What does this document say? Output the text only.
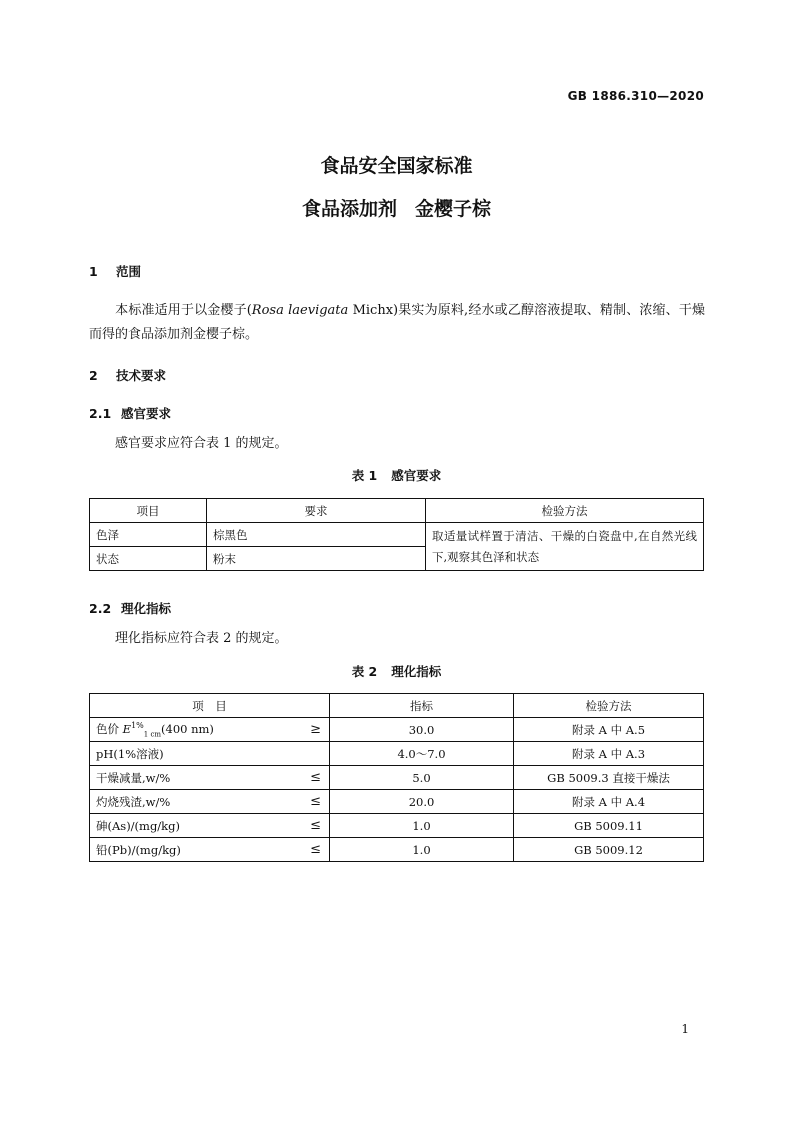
GB 1886.310—2020
食品安全国家标准
食品添加剂 金樱子棕
1 范围
本标准适用于以金樱子(Rosa laevigata Michx)果实为原料,经水或乙醇溶液提取、精制、浓缩、干燥而得的食品添加剂金樱子棕。
2 技术要求
2.1 感官要求
感官要求应符合表 1 的规定。
表 1 感官要求
项目	要求	检验方法
色泽	棕黑色	取适量试样置于清洁、干燥的白瓷盘中,在自然光线下,观察其色泽和状态
状态	粉末	
2.2 理化指标
理化指标应符合表 2 的规定。
表 2 理化指标
项　目	指标	检验方法

色价 $E^{1\%}_{1 cm}(400$ nm) ≥	30.0	附录 A 中 A.5

pH(1%溶液)	4.0～7.0	附录 A 中 A.3

干燥减量,w/% ≤	5.0	GB 5009.3 直接干燥法

灼烧残渣,w/% ≤	20.0	附录 A 中 A.4

砷(As)/(mg/kg) ≤	1.0	GB 5009.11

铅(Pb)/(mg/kg) ≤	1.0	GB 5009.12
1
